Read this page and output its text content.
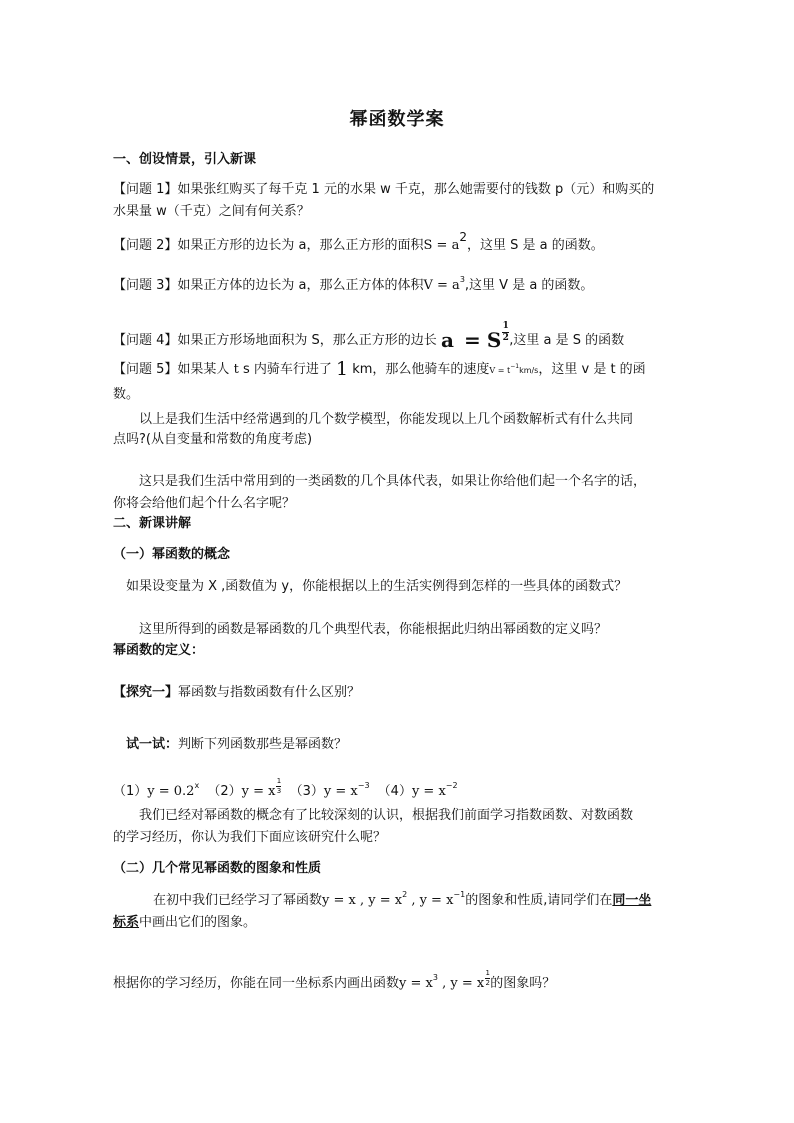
幂函数学案
一、创设情景，引入新课
【问题 1】如果张红购买了每千克 1 元的水果 w 千克，那么她需要付的钱数 p（元）和购买的
水果量 w（千克）之间有何关系？
【问题 2】如果正方形的边长为 a，那么正方形的面积$S = a^2$，这里 S 是 a 的函数。
【问题 3】如果正方体的边长为 a，那么正方体的体积$V = a^3$,这里 V 是 a 的函数。
【问题 4】如果正方形场地面积为 S，那么正方形的边长 a = S $\frac{1}{2}$ ,这里 a 是 S 的函数
【问题 5】如果某人 t s 内骑车行进了 1 km，那么他骑车的速度$V = t^{-1}km/s$，这里 v 是 t 的函
数。
以上是我们生活中经常遇到的几个数学模型，你能发现以上几个函数解析式有什么共同
点吗?(从自变量和常数的角度考虑)
这只是我们生活中常用到的一类函数的几个具体代表，如果让你给他们起一个名字的话，
你将会给他们起个什么名字呢？
二、新课讲解
（一）幂函数的概念
如果设变量为 X ,函数值为 y，你能根据以上的生活实例得到怎样的一些具体的函数式？
这里所得到的函数是幂函数的几个典型代表，你能根据此归纳出幂函数的定义吗？
幂函数的定义：
【探究一】幂函数与指数函数有什么区别？
试一试：判断下列函数那些是幂函数？
$(1)y = 0.2^x$ （2）y = x $\frac{1}{3} (3)y = x^{-3}$ $(4)y = x^{-2}$
我们已经对幂函数的概念有了比较深刻的认识，根据我们前面学习指数函数、对数函数
的学习经历，你认为我们下面应该研究什么呢？
（二）几个常见幂函数的图象和性质
在初中我们已经学习了幂函数y = x , $y = x^2$ , $y = x^{-1}$的图象和性质,请同学们在同一坐
标系中画出它们的图象。
根据你的学习经历，你能在同一坐标系内画出函数$y = x^3$ , y = x $\frac{1}{2}$ 的图象吗？
